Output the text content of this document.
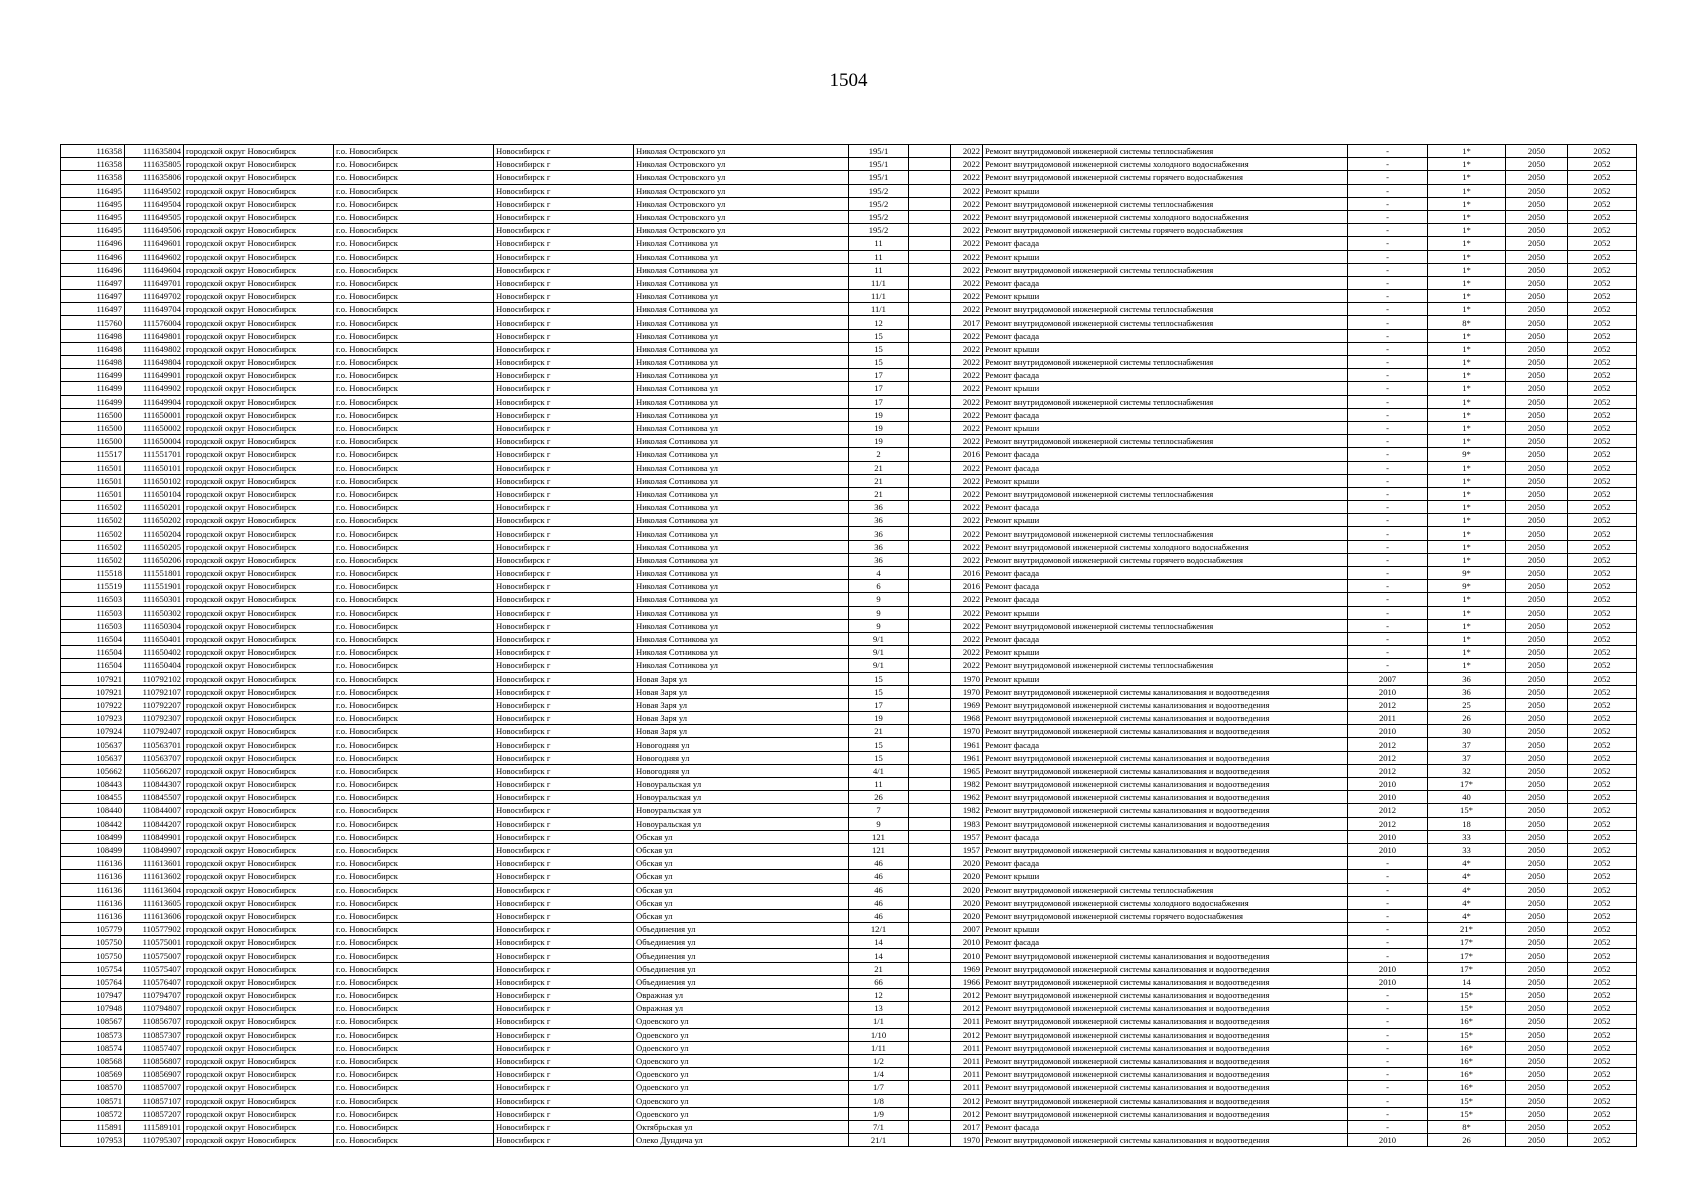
1504
116358	111635804	городской округ Новосибирск	г.о. Новосибирск	Новосибирск г	Николая Островского ул	195/1		2022	Ремонт внутридомовой инженерной системы теплоснабжения	-	1*	2050	2052
116358	111635805	городской округ Новосибирск	г.о. Новосибирск	Новосибирск г	Николая Островского ул	195/1		2022	Ремонт внутридомовой инженерной системы холодного водоснабжения	-	1*	2050	2052
116358	111635806	городской округ Новосибирск	г.о. Новосибирск	Новосибирск г	Николая Островского ул	195/1		2022	Ремонт внутридомовой инженерной системы горячего водоснабжения	-	1*	2050	2052
116495	111649502	городской округ Новосибирск	г.о. Новосибирск	Новосибирск г	Николая Островского ул	195/2		2022	Ремонт крыши	-	1*	2050	2052
116495	111649504	городской округ Новосибирск	г.о. Новосибирск	Новосибирск г	Николая Островского ул	195/2		2022	Ремонт внутридомовой инженерной системы теплоснабжения	-	1*	2050	2052
116495	111649505	городской округ Новосибирск	г.о. Новосибирск	Новосибирск г	Николая Островского ул	195/2		2022	Ремонт внутридомовой инженерной системы холодного водоснабжения	-	1*	2050	2052
116495	111649506	городской округ Новосибирск	г.о. Новосибирск	Новосибирск г	Николая Островского ул	195/2		2022	Ремонт внутридомовой инженерной системы горячего водоснабжения	-	1*	2050	2052
116496	111649601	городской округ Новосибирск	г.о. Новосибирск	Новосибирск г	Николая Сотникова ул	11		2022	Ремонт фасада	-	1*	2050	2052
116496	111649602	городской округ Новосибирск	г.о. Новосибирск	Новосибирск г	Николая Сотникова ул	11		2022	Ремонт крыши	-	1*	2050	2052
116496	111649604	городской округ Новосибирск	г.о. Новосибирск	Новосибирск г	Николая Сотникова ул	11		2022	Ремонт внутридомовой инженерной системы теплоснабжения	-	1*	2050	2052
116497	111649701	городской округ Новосибирск	г.о. Новосибирск	Новосибирск г	Николая Сотникова ул	11/1		2022	Ремонт фасада	-	1*	2050	2052
116497	111649702	городской округ Новосибирск	г.о. Новосибирск	Новосибирск г	Николая Сотникова ул	11/1		2022	Ремонт крыши	-	1*	2050	2052
116497	111649704	городской округ Новосибирск	г.о. Новосибирск	Новосибирск г	Николая Сотникова ул	11/1		2022	Ремонт внутридомовой инженерной системы теплоснабжения	-	1*	2050	2052
115760	111576004	городской округ Новосибирск	г.о. Новосибирск	Новосибирск г	Николая Сотникова ул	12		2017	Ремонт внутридомовой инженерной системы теплоснабжения	-	8*	2050	2052
116498	111649801	городской округ Новосибирск	г.о. Новосибирск	Новосибирск г	Николая Сотникова ул	15		2022	Ремонт фасада	-	1*	2050	2052
116498	111649802	городской округ Новосибирск	г.о. Новосибирск	Новосибирск г	Николая Сотникова ул	15		2022	Ремонт крыши	-	1*	2050	2052
116498	111649804	городской округ Новосибирск	г.о. Новосибирск	Новосибирск г	Николая Сотникова ул	15		2022	Ремонт внутридомовой инженерной системы теплоснабжения	-	1*	2050	2052
116499	111649901	городской округ Новосибирск	г.о. Новосибирск	Новосибирск г	Николая Сотникова ул	17		2022	Ремонт фасада	-	1*	2050	2052
116499	111649902	городской округ Новосибирск	г.о. Новосибирск	Новосибирск г	Николая Сотникова ул	17		2022	Ремонт крыши	-	1*	2050	2052
116499	111649904	городской округ Новосибирск	г.о. Новосибирск	Новосибирск г	Николая Сотникова ул	17		2022	Ремонт внутридомовой инженерной системы теплоснабжения	-	1*	2050	2052
116500	111650001	городской округ Новосибирск	г.о. Новосибирск	Новосибирск г	Николая Сотникова ул	19		2022	Ремонт фасада	-	1*	2050	2052
116500	111650002	городской округ Новосибирск	г.о. Новосибирск	Новосибирск г	Николая Сотникова ул	19		2022	Ремонт крыши	-	1*	2050	2052
116500	111650004	городской округ Новосибирск	г.о. Новосибирск	Новосибирск г	Николая Сотникова ул	19		2022	Ремонт внутридомовой инженерной системы теплоснабжения	-	1*	2050	2052
115517	111551701	городской округ Новосибирск	г.о. Новосибирск	Новосибирск г	Николая Сотникова ул	2		2016	Ремонт фасада	-	9*	2050	2052
116501	111650101	городской округ Новосибирск	г.о. Новосибирск	Новосибирск г	Николая Сотникова ул	21		2022	Ремонт фасада	-	1*	2050	2052
116501	111650102	городской округ Новосибирск	г.о. Новосибирск	Новосибирск г	Николая Сотникова ул	21		2022	Ремонт крыши	-	1*	2050	2052
116501	111650104	городской округ Новосибирск	г.о. Новосибирск	Новосибирск г	Николая Сотникова ул	21		2022	Ремонт внутридомовой инженерной системы теплоснабжения	-	1*	2050	2052
116502	111650201	городской округ Новосибирск	г.о. Новосибирск	Новосибирск г	Николая Сотникова ул	36		2022	Ремонт фасада	-	1*	2050	2052
116502	111650202	городской округ Новосибирск	г.о. Новосибирск	Новосибирск г	Николая Сотникова ул	36		2022	Ремонт крыши	-	1*	2050	2052
116502	111650204	городской округ Новосибирск	г.о. Новосибирск	Новосибирск г	Николая Сотникова ул	36		2022	Ремонт внутридомовой инженерной системы теплоснабжения	-	1*	2050	2052
116502	111650205	городской округ Новосибирск	г.о. Новосибирск	Новосибирск г	Николая Сотникова ул	36		2022	Ремонт внутридомовой инженерной системы холодного водоснабжения	-	1*	2050	2052
116502	111650206	городской округ Новосибирск	г.о. Новосибирск	Новосибирск г	Николая Сотникова ул	36		2022	Ремонт внутридомовой инженерной системы горячего водоснабжения	-	1*	2050	2052
115518	111551801	городской округ Новосибирск	г.о. Новосибирск	Новосибирск г	Николая Сотникова ул	4		2016	Ремонт фасада	-	9*	2050	2052
115519	111551901	городской округ Новосибирск	г.о. Новосибирск	Новосибирск г	Николая Сотникова ул	6		2016	Ремонт фасада	-	9*	2050	2052
116503	111650301	городской округ Новосибирск	г.о. Новосибирск	Новосибирск г	Николая Сотникова ул	9		2022	Ремонт фасада	-	1*	2050	2052
116503	111650302	городской округ Новосибирск	г.о. Новосибирск	Новосибирск г	Николая Сотникова ул	9		2022	Ремонт крыши	-	1*	2050	2052
116503	111650304	городской округ Новосибирск	г.о. Новосибирск	Новосибирск г	Николая Сотникова ул	9		2022	Ремонт внутридомовой инженерной системы теплоснабжения	-	1*	2050	2052
116504	111650401	городской округ Новосибирск	г.о. Новосибирск	Новосибирск г	Николая Сотникова ул	9/1		2022	Ремонт фасада	-	1*	2050	2052
116504	111650402	городской округ Новосибирск	г.о. Новосибирск	Новосибирск г	Николая Сотникова ул	9/1		2022	Ремонт крыши	-	1*	2050	2052
116504	111650404	городской округ Новосибирск	г.о. Новосибирск	Новосибирск г	Николая Сотникова ул	9/1		2022	Ремонт внутридомовой инженерной системы теплоснабжения	-	1*	2050	2052
107921	110792102	городской округ Новосибирск	г.о. Новосибирск	Новосибирск г	Новая Заря ул	15		1970	Ремонт крыши	2007	36	2050	2052
107921	110792107	городской округ Новосибирск	г.о. Новосибирск	Новосибирск г	Новая Заря ул	15		1970	Ремонт внутридомовой инженерной системы канализования и водоотведения	2010	36	2050	2052
107922	110792207	городской округ Новосибирск	г.о. Новосибирск	Новосибирск г	Новая Заря ул	17		1969	Ремонт внутридомовой инженерной системы канализования и водоотведения	2012	25	2050	2052
107923	110792307	городской округ Новосибирск	г.о. Новосибирск	Новосибирск г	Новая Заря ул	19		1968	Ремонт внутридомовой инженерной системы канализования и водоотведения	2011	26	2050	2052
107924	110792407	городской округ Новосибирск	г.о. Новосибирск	Новосибирск г	Новая Заря ул	21		1970	Ремонт внутридомовой инженерной системы канализования и водоотведения	2010	30	2050	2052
105637	110563701	городской округ Новосибирск	г.о. Новосибирск	Новосибирск г	Новогодняя ул	15		1961	Ремонт фасада	2012	37	2050	2052
105637	110563707	городской округ Новосибирск	г.о. Новосибирск	Новосибирск г	Новогодняя ул	15		1961	Ремонт внутридомовой инженерной системы канализования и водоотведения	2012	37	2050	2052
105662	110566207	городской округ Новосибирск	г.о. Новосибирск	Новосибирск г	Новогодняя ул	4/1		1965	Ремонт внутридомовой инженерной системы канализования и водоотведения	2012	32	2050	2052
108443	110844307	городской округ Новосибирск	г.о. Новосибирск	Новосибирск г	Новоуральская ул	11		1982	Ремонт внутридомовой инженерной системы канализования и водоотведения	2010	17*	2050	2052
108455	110845507	городской округ Новосибирск	г.о. Новосибирск	Новосибирск г	Новоуральская ул	26		1962	Ремонт внутридомовой инженерной системы канализования и водоотведения	2010	40	2050	2052
108440	110844007	городской округ Новосибирск	г.о. Новосибирск	Новосибирск г	Новоуральская ул	7		1982	Ремонт внутридомовой инженерной системы канализования и водоотведения	2012	15*	2050	2052
108442	110844207	городской округ Новосибирск	г.о. Новосибирск	Новосибирск г	Новоуральская ул	9		1983	Ремонт внутридомовой инженерной системы канализования и водоотведения	2012	18	2050	2052
108499	110849901	городской округ Новосибирск	г.о. Новосибирск	Новосибирск г	Обская ул	121		1957	Ремонт фасада	2010	33	2050	2052
108499	110849907	городской округ Новосибирск	г.о. Новосибирск	Новосибирск г	Обская ул	121		1957	Ремонт внутридомовой инженерной системы канализования и водоотведения	2010	33	2050	2052
116136	111613601	городской округ Новосибирск	г.о. Новосибирск	Новосибирск г	Обская ул	46		2020	Ремонт фасада	-	4*	2050	2052
116136	111613602	городской округ Новосибирск	г.о. Новосибирск	Новосибирск г	Обская ул	46		2020	Ремонт крыши	-	4*	2050	2052
116136	111613604	городской округ Новосибирск	г.о. Новосибирск	Новосибирск г	Обская ул	46		2020	Ремонт внутридомовой инженерной системы теплоснабжения	-	4*	2050	2052
116136	111613605	городской округ Новосибирск	г.о. Новосибирск	Новосибирск г	Обская ул	46		2020	Ремонт внутридомовой инженерной системы холодного водоснабжения	-	4*	2050	2052
116136	111613606	городской округ Новосибирск	г.о. Новосибирск	Новосибирск г	Обская ул	46		2020	Ремонт внутридомовой инженерной системы горячего водоснабжения	-	4*	2050	2052
105779	110577902	городской округ Новосибирск	г.о. Новосибирск	Новосибирск г	Объединения ул	12/1		2007	Ремонт крыши	-	21*	2050	2052
105750	110575001	городской округ Новосибирск	г.о. Новосибирск	Новосибирск г	Объединения ул	14		2010	Ремонт фасада	-	17*	2050	2052
105750	110575007	городской округ Новосибирск	г.о. Новосибирск	Новосибирск г	Объединения ул	14		2010	Ремонт внутридомовой инженерной системы канализования и водоотведения	-	17*	2050	2052
105754	110575407	городской округ Новосибирск	г.о. Новосибирск	Новосибирск г	Объединения ул	21		1969	Ремонт внутридомовой инженерной системы канализования и водоотведения	2010	17*	2050	2052
105764	110576407	городской округ Новосибирск	г.о. Новосибирск	Новосибирск г	Объединения ул	66		1966	Ремонт внутридомовой инженерной системы канализования и водоотведения	2010	14	2050	2052
107947	110794707	городской округ Новосибирск	г.о. Новосибирск	Новосибирск г	Овражная ул	12		2012	Ремонт внутридомовой инженерной системы канализования и водоотведения	-	15*	2050	2052
107948	110794807	городской округ Новосибирск	г.о. Новосибирск	Новосибирск г	Овражная ул	13		2012	Ремонт внутридомовой инженерной системы канализования и водоотведения	-	15*	2050	2052
108567	110856707	городской округ Новосибирск	г.о. Новосибирск	Новосибирск г	Одоевского ул	1/1		2011	Ремонт внутридомовой инженерной системы канализования и водоотведения	-	16*	2050	2052
108573	110857307	городской округ Новосибирск	г.о. Новосибирск	Новосибирск г	Одоевского ул	1/10		2012	Ремонт внутридомовой инженерной системы канализования и водоотведения	-	15*	2050	2052
108574	110857407	городской округ Новосибирск	г.о. Новосибирск	Новосибирск г	Одоевского ул	1/11		2011	Ремонт внутридомовой инженерной системы канализования и водоотведения	-	16*	2050	2052
108568	110856807	городской округ Новосибирск	г.о. Новосибирск	Новосибирск г	Одоевского ул	1/2		2011	Ремонт внутридомовой инженерной системы канализования и водоотведения	-	16*	2050	2052
108569	110856907	городской округ Новосибирск	г.о. Новосибирск	Новосибирск г	Одоевского ул	1/4		2011	Ремонт внутридомовой инженерной системы канализования и водоотведения	-	16*	2050	2052
108570	110857007	городской округ Новосибирск	г.о. Новосибирск	Новосибирск г	Одоевского ул	1/7		2011	Ремонт внутридомовой инженерной системы канализования и водоотведения	-	16*	2050	2052
108571	110857107	городской округ Новосибирск	г.о. Новосибирск	Новосибирск г	Одоевского ул	1/8		2012	Ремонт внутридомовой инженерной системы канализования и водоотведения	-	15*	2050	2052
108572	110857207	городской округ Новосибирск	г.о. Новосибирск	Новосибирск г	Одоевского ул	1/9		2012	Ремонт внутридомовой инженерной системы канализования и водоотведения	-	15*	2050	2052
115891	111589101	городской округ Новосибирск	г.о. Новосибирск	Новосибирск г	Октябрьская ул	7/1		2017	Ремонт фасада	-	8*	2050	2052
107953	110795307	городской округ Новосибирск	г.о. Новосибирск	Новосибирск г	Олеко Дундича ул	21/1		1970	Ремонт внутридомовой инженерной системы канализования и водоотведения	2010	26	2050	2052
